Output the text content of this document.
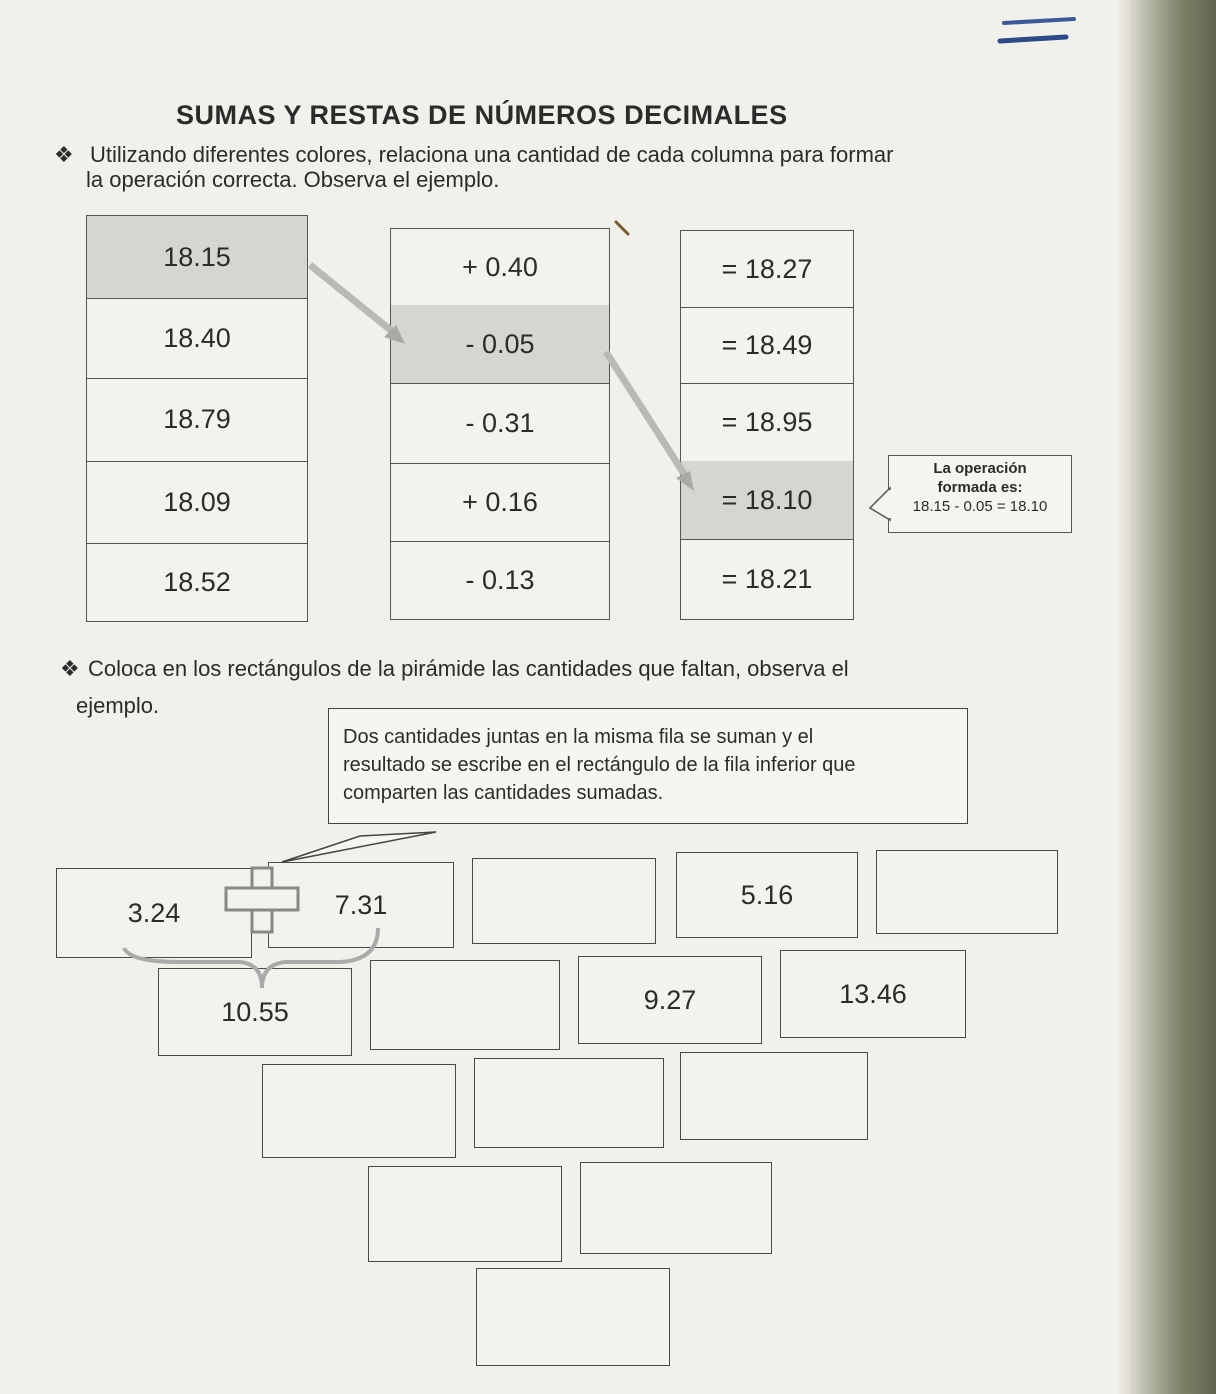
SUMAS Y RESTAS DE NÚMEROS DECIMALES
❖ Utilizando diferentes colores, relaciona una cantidad de cada columna para formar
la operación correcta. Observa el ejemplo.
18.15
18.40
18.79
18.09
18.52
+ 0.40
- 0.05
- 0.31
+ 0.16
- 0.13
= 18.27
= 18.49
= 18.95
= 18.10
= 18.21
La operación
formada es:
18.15 - 0.05 = 18.10
❖ Coloca en los rectángulos de la pirámide las cantidades que faltan, observa el
ejemplo.
Dos cantidades juntas en la misma fila se suman y el
resultado se escribe en el rectángulo de la fila inferior que
comparten las cantidades sumadas.
3.24	7.31	5.16
10.55	9.27	13.46
